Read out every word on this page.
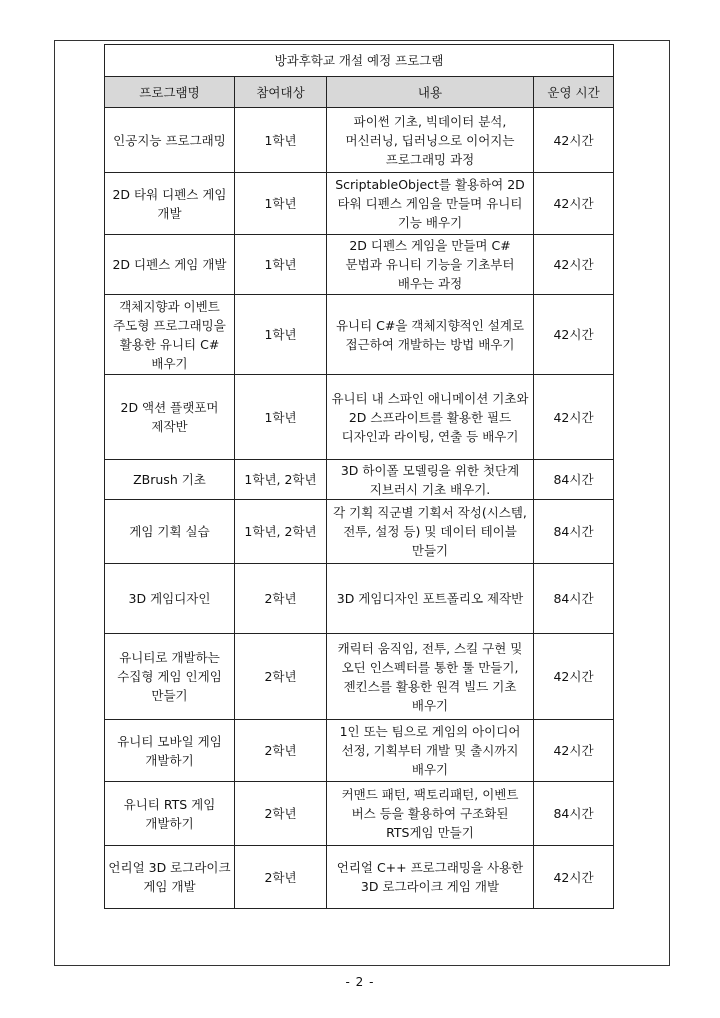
방과후학교 개설 예정 프로그램			
프로그램명	참여대상	내용	운영 시간
인공지능 프로그래밍	1학년	파이썬 기초, 빅데이터 분석, 머신러닝, 딥러닝으로 이어지는 프로그래밍 과정	42시간
2D 타워 디펜스 게임 개발	1학년	ScriptableObject를 활용하여 2D 타워 디펜스 게임을 만들며 유니티 기능 배우기	42시간
2D 디펜스 게임 개발	1학년	2D 디펜스 게임을 만들며 C# 문법과 유니티 기능을 기초부터 배우는 과정	42시간
객체지향과 이벤트 주도형 프로그래밍을 활용한 유니티 C# 배우기	1학년	유니티 C#을 객체지향적인 설계로 접근하여 개발하는 방법 배우기	42시간
2D 액션 플랫포머 제작반	1학년	유니티 내 스파인 애니메이션 기초와 2D 스프라이트를 활용한 필드 디자인과 라이팅, 연출 등 배우기	42시간
ZBrush 기초	1학년, 2학년	3D 하이폴 모델링을 위한 첫단계 지브러시 기초 배우기.	84시간
게임 기획 실습	1학년, 2학년	각 기획 직군별 기획서 작성(시스템, 전투, 설정 등) 및 데이터 테이블 만들기	84시간
3D 게임디자인	2학년	3D 게임디자인 포트폴리오 제작반	84시간
유니티로 개발하는 수집형 게임 인게임 만들기	2학년	캐릭터 움직임, 전투, 스킬 구현 및 오딘 인스펙터를 통한 툴 만들기, 젠킨스를 활용한 원격 빌드 기초 배우기	42시간
유니티 모바일 게임 개발하기	2학년	1인 또는 팀으로 게임의 아이디어 선정, 기획부터 개발 및 출시까지 배우기	42시간
유니티 RTS 게임 개발하기	2학년	커맨드 패턴, 팩토리패턴, 이벤트 버스 등을 활용하여 구조화된 RTS게임 만들기	84시간
언리얼 3D 로그라이크 게임 개발	2학년	언리얼 C++ 프로그래밍을 사용한 3D 로그라이크 게임 개발	42시간
- 2 -
